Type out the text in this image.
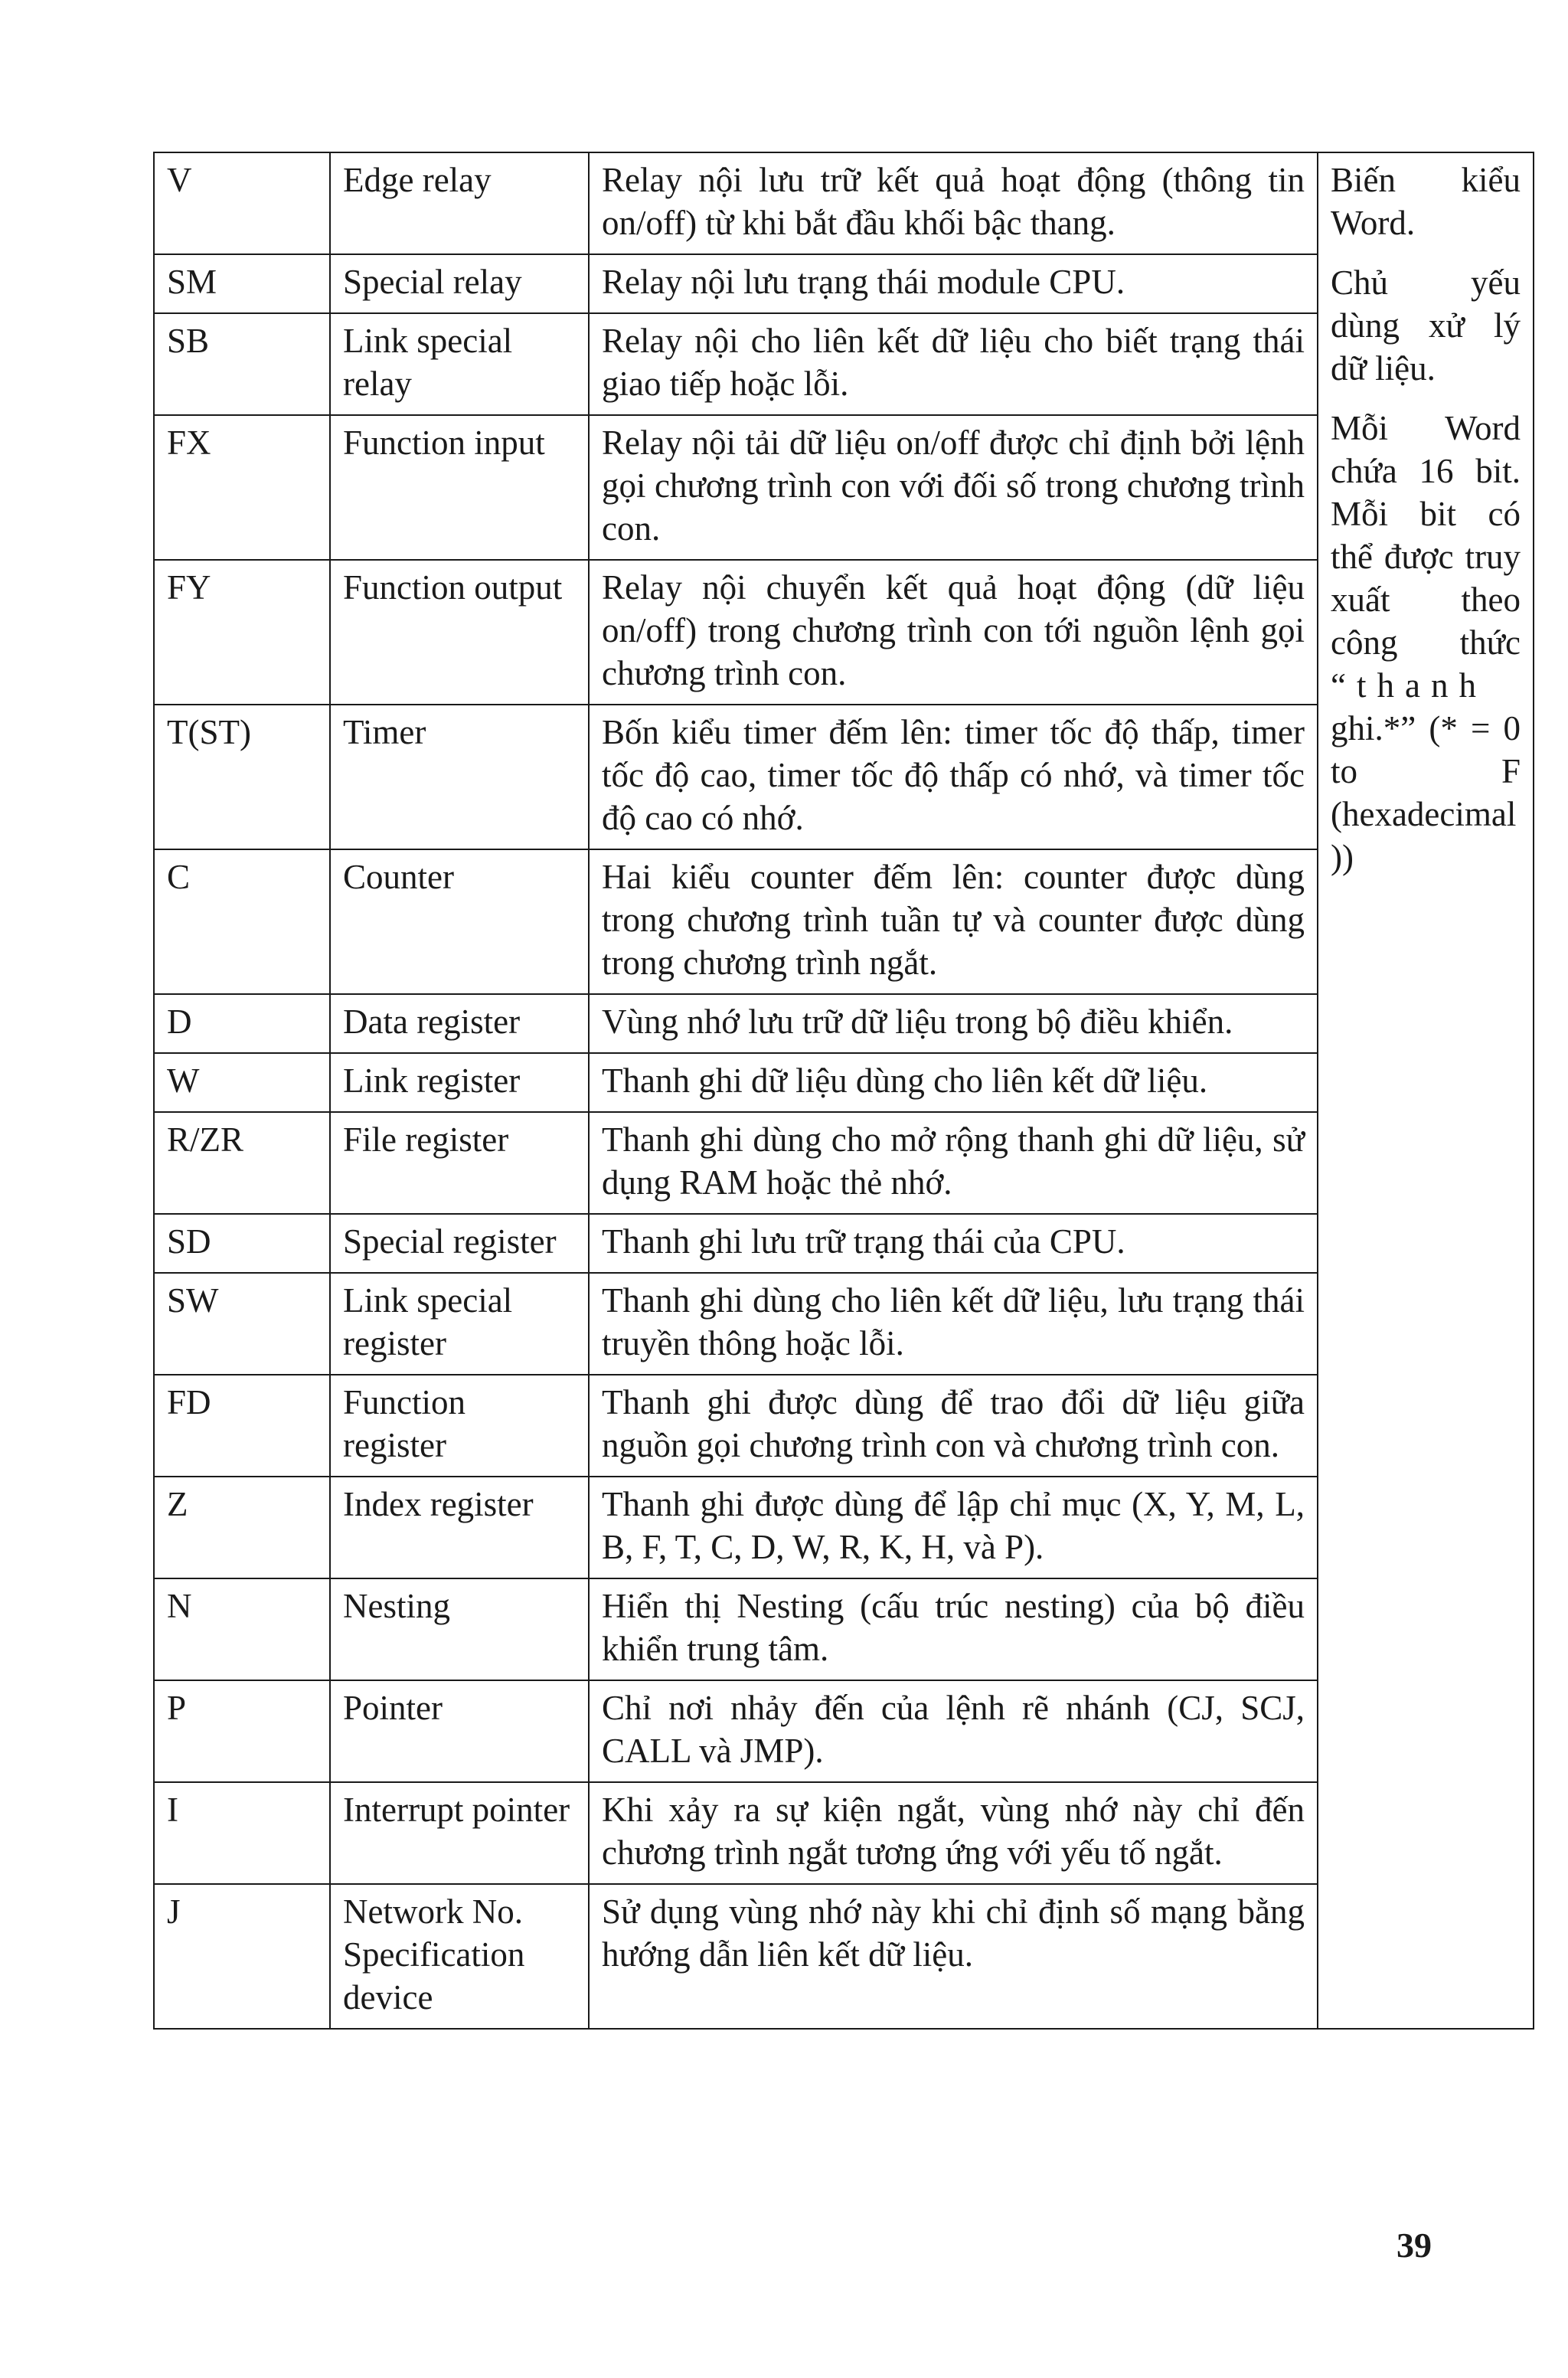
V	Edge relay	Relay nội lưu trữ kết quả hoạt động (thông tin on/off) từ khi bắt đầu khối bậc thang.	Biến kiểu Word.
Chủ yếu dùng xử lý dữ liệu.
Mỗi Word chứa 16 bit. Mỗi bit có thể được truy xuất theo công thức “thanh ghi.*” (* = 0 to F (hexadecimal))

SM	Special relay	Relay nội lưu trạng thái module CPU.	
SB	Link special relay	Relay nội cho liên kết dữ liệu cho biết trạng thái giao tiếp hoặc lỗi.	
FX	Function input	Relay nội tải dữ liệu on/off được chỉ định bởi lệnh gọi chương trình con với đối số trong chương trình con.	
FY	Function output	Relay nội chuyển kết quả hoạt động (dữ liệu on/off) trong chương trình con tới nguồn lệnh gọi chương trình con.	
T(ST)	Timer	Bốn kiểu timer đếm lên: timer tốc độ thấp, timer tốc độ cao, timer tốc độ thấp có nhớ, và timer tốc độ cao có nhớ.	
C	Counter	Hai kiểu counter đếm lên: counter được dùng trong chương trình tuần tự và counter được dùng trong chương trình ngắt.	
D	Data register	Vùng nhớ lưu trữ dữ liệu trong bộ điều khiển.	
W	Link register	Thanh ghi dữ liệu dùng cho liên kết dữ liệu.	
R/ZR	File register	Thanh ghi dùng cho mở rộng thanh ghi dữ liệu, sử dụng RAM hoặc thẻ nhớ.	
SD	Special register	Thanh ghi lưu trữ trạng thái của CPU.	
SW	Link special register	Thanh ghi dùng cho liên kết dữ liệu, lưu trạng thái truyền thông hoặc lỗi.	
FD	Function register	Thanh ghi được dùng để trao đổi dữ liệu giữa nguồn gọi chương trình con và chương trình con.	
Z	Index register	Thanh ghi được dùng để lập chỉ mục (X, Y, M, L, B, F, T, C, D, W, R, K, H, và P).	
N	Nesting	Hiển thị Nesting (cấu trúc nesting) của bộ điều khiển trung tâm.	
P	Pointer	Chỉ nơi nhảy đến của lệnh rẽ nhánh (CJ, SCJ, CALL và JMP).	
I	Interrupt pointer	Khi xảy ra sự kiện ngắt, vùng nhớ này chỉ đến chương trình ngắt tương ứng với yếu tố ngắt.	
J	Network No. Specification device	Sử dụng vùng nhớ này khi chỉ định số mạng bằng hướng dẫn liên kết dữ liệu.	
39
